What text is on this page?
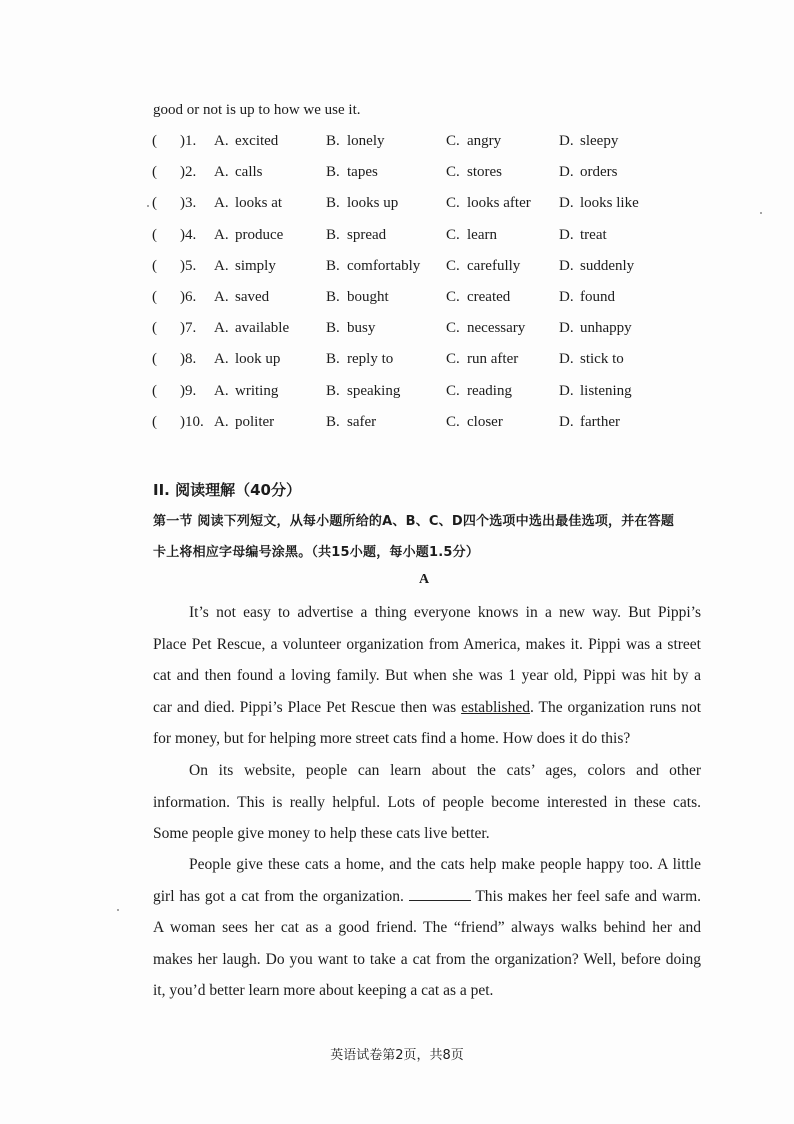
good or not is up to how we use it.
( )1. A. excited	B. lonely	C. angry	D. sleepy
( )2. A. calls	B. tapes	C. stores	D. orders
( )3. A. looks at	B. looks up	C. looks after D. looks like
( )4. A. produce	B. spread	C. learn	D. treat
( )5. A. simply	B. comfortably C. carefully	D. suddenly
( )6. A. saved	B. bought	C. created	D. found
( )7. A. available B. busy	C. necessary D. unhappy
( )8. A. look up	B. reply to	C. run after	D. stick to
( )9. A. writing	B. speaking	C. reading	D. listening
( )10. A. politer	B. safer	C. closer	D. farther
II. 阅读理解（40分）
第一节 阅读下列短文，从每小题所给的A、B、C、D四个选项中选出最佳选项，并在答题
卡上将相应字母编号涂黑。（共15小题，每小题1.5分）
A
It’s not easy to advertise a thing everyone knows in a new way. But Pippi’s
Place Pet Rescue, a volunteer organization from America, makes it. Pippi was a street
cat and then found a loving family. But when she was 1 year old, Pippi was hit by a
car and died. Pippi’s Place Pet Rescue then was established. The organization runs not
for money, but for helping more street cats find a home. How does it do this?
On its website, people can learn about the cats’ ages, colors and other
information. This is really helpful. Lots of people become interested in these cats.
Some people give money to help these cats live better.
People give these cats a home, and the cats help make people happy too. A little
girl has got a cat from the organization.	This makes her feel safe and warm.
A woman sees her cat as a good friend. The “friend” always walks behind her and
makes her laugh. Do you want to take a cat from the organization? Well, before doing
it, you’d better learn more about keeping a cat as a pet.
英语试卷第2页，共8页
